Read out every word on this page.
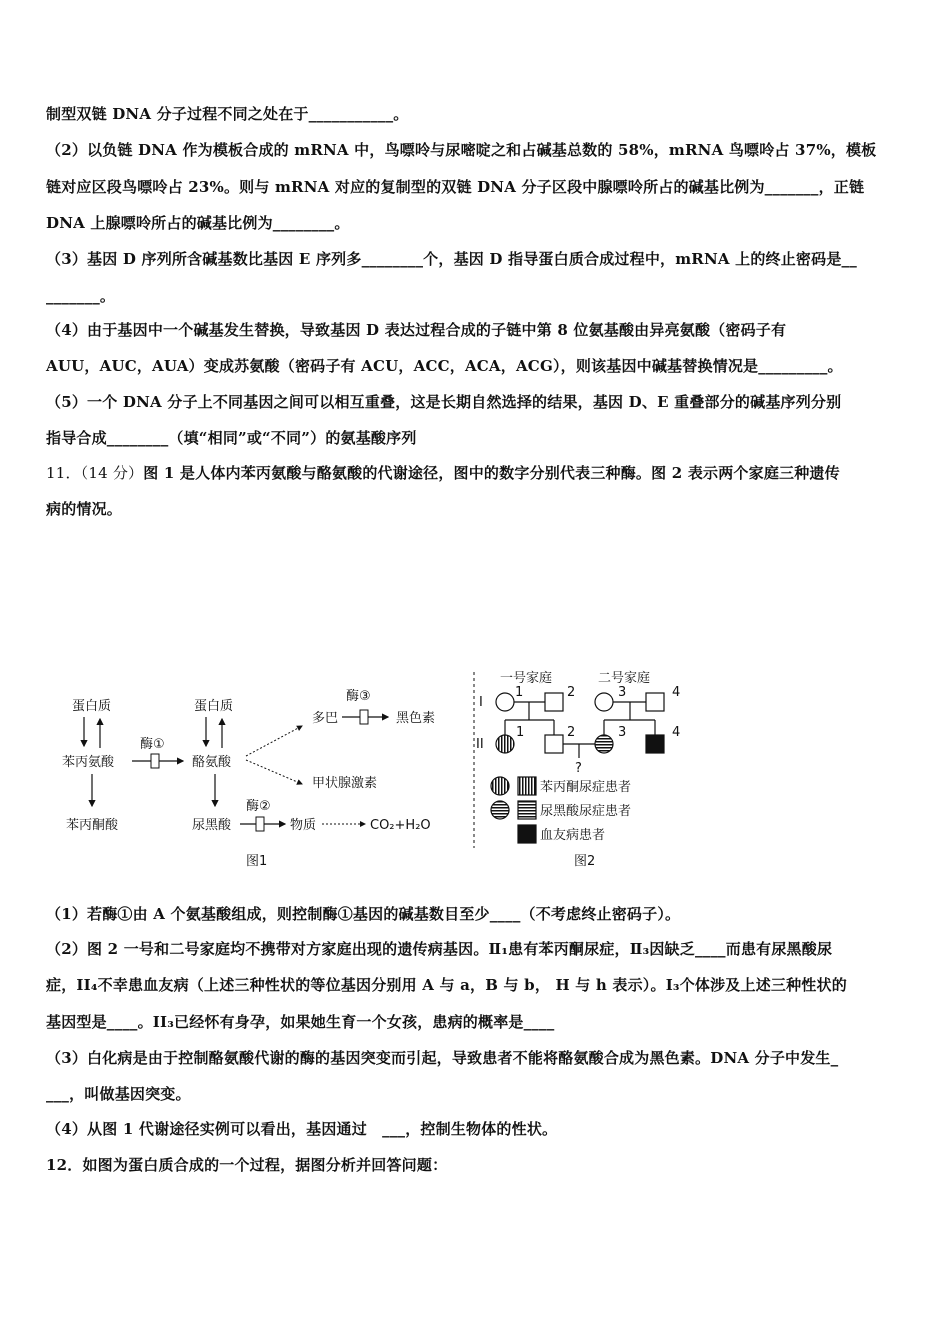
制型双链 DNA 分子过程不同之处在于___________。
（2）以负链 DNA 作为模板合成的 mRNA 中，鸟嘌呤与尿嘧啶之和占碱基总数的 58%，mRNA 鸟嘌呤占 37%，模板
链对应区段鸟嘌呤占 23%。则与 mRNA 对应的复制型的双链 DNA 分子区段中腺嘌呤所占的碱基比例为_______，正链
DNA 上腺嘌呤所占的碱基比例为________。
（3）基因 D 序列所含碱基数比基因 E 序列多________个，基因 D 指导蛋白质合成过程中，mRNA 上的终止密码是__
_______。
（4）由于基因中一个碱基发生替换，导致基因 D 表达过程合成的子链中第 8 位氨基酸由异亮氨酸（密码子有
AUU，AUC，AUA）变成苏氨酸（密码子有 ACU，ACC，ACA，ACG），则该基因中碱基替换情况是_________。
（5）一个 DNA 分子上不同基因之间可以相互重叠，这是长期自然选择的结果，基因 D、E 重叠部分的碱基序列分别
指导合成________（填“相同”或“不同”）的氨基酸序列
11．（14 分）图 1 是人体内苯丙氨酸与酪氨酸的代谢途径，图中的数字分别代表三种酶。图 2 表示两个家庭三种遗传
病的情况。
蛋白质
苯丙氨酸
苯丙酮酸
酶①
蛋白质
酪氨酸
尿黑酸
酶②
物质	CO₂+H₂O
多巴
酶③
黑色素
甲状腺激素
图1
一号家庭	二号家庭
I
II
1	2
1	2
3	4
3	4
?
苯丙酮尿症患者
尿黑酸尿症患者
血友病患者
图2
（1）若酶①由 A 个氨基酸组成，则控制酶①基因的碱基数目至少____（不考虑终止密码子）。
（2）图 2 一号和二号家庭均不携带对方家庭出现的遗传病基因。Ⅱ₁患有苯丙酮尿症，Ⅱ₃因缺乏____而患有尿黑酸尿
症，II₄不幸患血友病（上述三种性状的等位基因分别用 A 与 a，B 与 b， H 与 h 表示）。I₃个体涉及上述三种性状的
基因型是____。II₃已经怀有身孕，如果她生育一个女孩，患病的概率是____
（3）白化病是由于控制酪氨酸代谢的酶的基因突变而引起，导致患者不能将酪氨酸合成为黑色素。DNA 分子中发生_
___，叫做基因突变。
（4）从图 1 代谢途径实例可以看出，基因通过　___，控制生物体的性状。
12．如图为蛋白质合成的一个过程，据图分析并回答问题：
